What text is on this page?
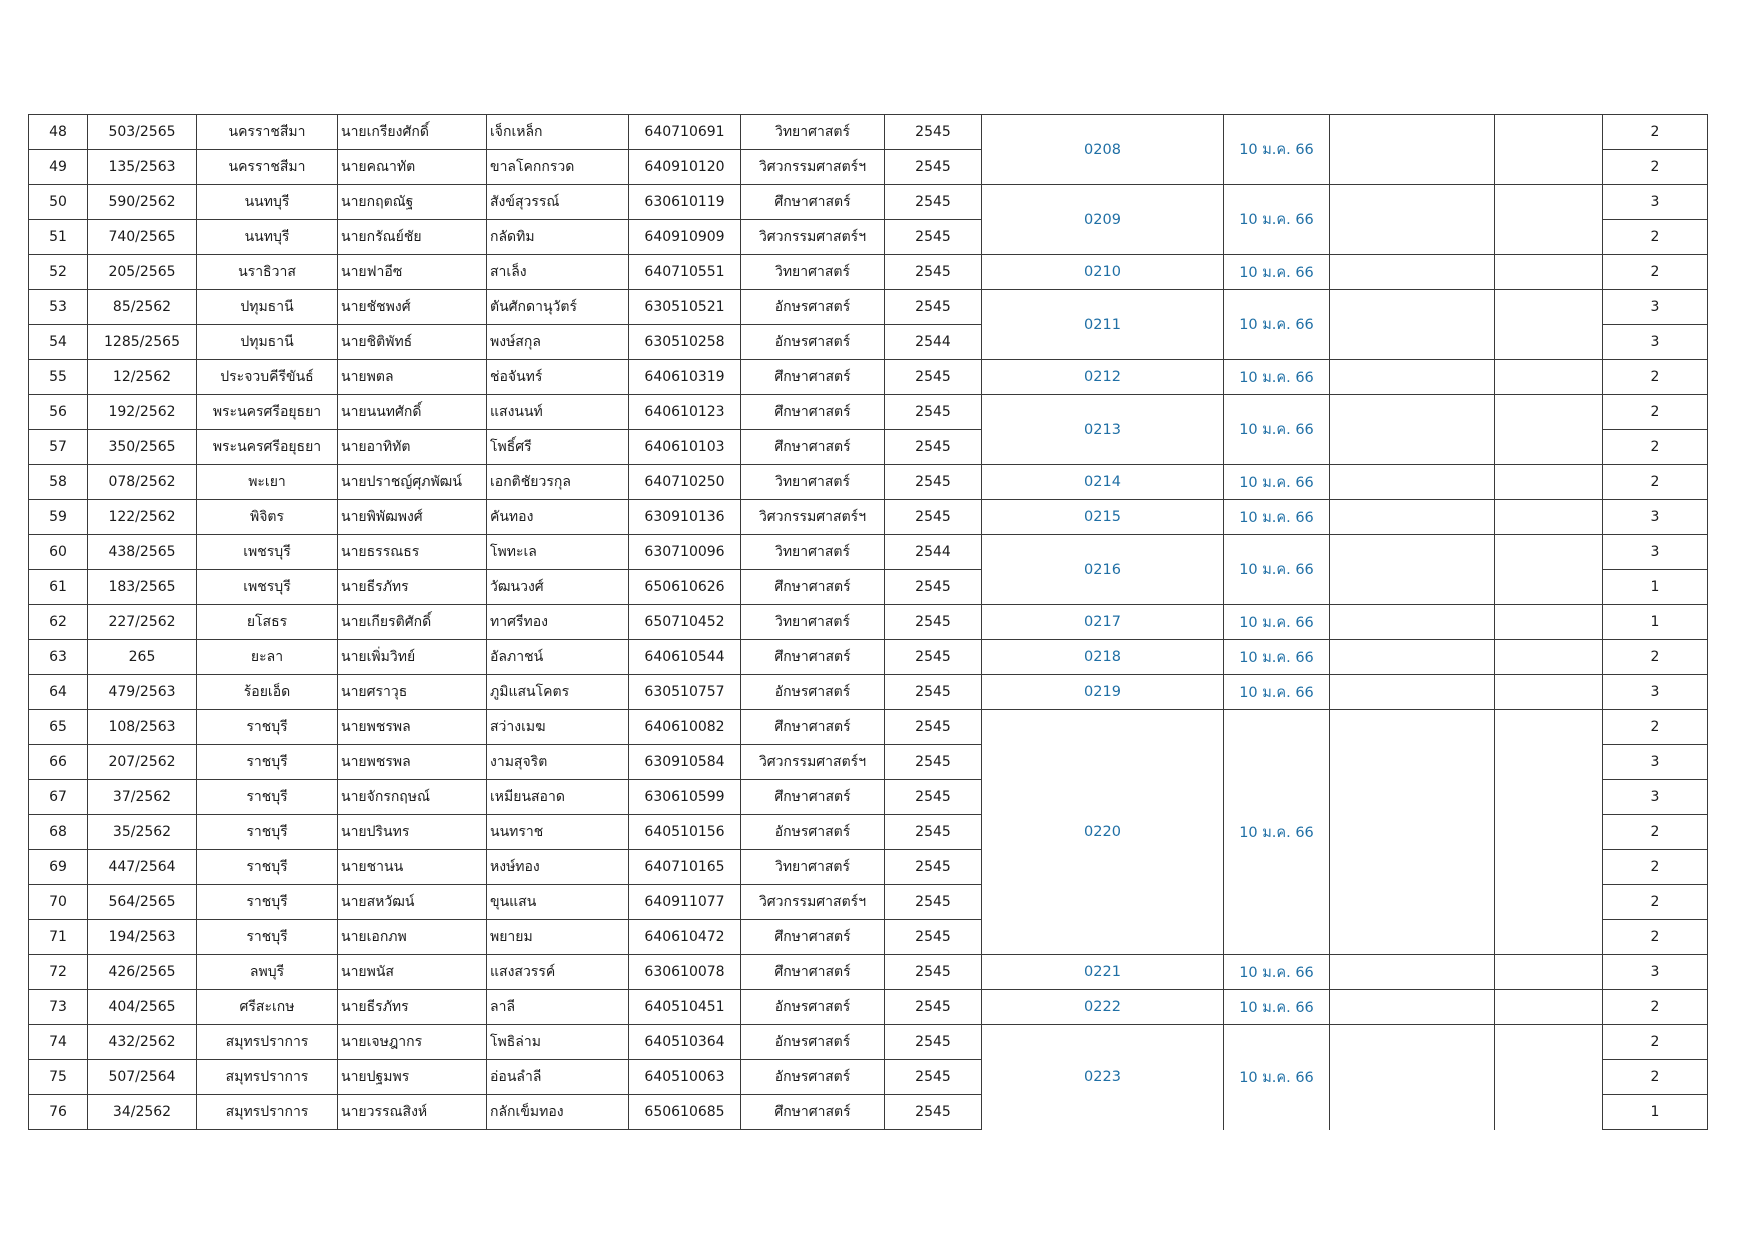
48	503/2565	นครราชสีมา	นายเกรียงศักดิ์	เจ็กเหล็ก	640710691	วิทยาศาสตร์	2545	0208	10 ม.ค. 66			2
49	135/2563	นครราชสีมา	นายคณาทัต	ขาลโคกกรวด	640910120	วิศวกรรมศาสตร์ฯ	2545					2
50	590/2562	นนทบุรี	นายกฤตณัฐ	สังข์สุวรรณ์	630610119	ศึกษาศาสตร์	2545	0209	10 ม.ค. 66			3
51	740/2565	นนทบุรี	นายกรัณย์ชัย	กลัดทิม	640910909	วิศวกรรมศาสตร์ฯ	2545					2
52	205/2565	นราธิวาส	นายฟาอีซ	สาเล็ง	640710551	วิทยาศาสตร์	2545	0210	10 ม.ค. 66			2
53	85/2562	ปทุมธานี	นายชัชพงศ์	ตันศักดานุวัตร์	630510521	อักษรศาสตร์	2545	0211	10 ม.ค. 66			3
54	1285/2565	ปทุมธานี	นายชิติพัทธ์	พงษ์สกุล	630510258	อักษรศาสตร์	2544					3
55	12/2562	ประจวบคีรีขันธ์	นายพตล	ช่อจันทร์	640610319	ศึกษาศาสตร์	2545	0212	10 ม.ค. 66			2
56	192/2562	พระนครศรีอยุธยา	นายนนทศักดิ์	แสงนนท์	640610123	ศึกษาศาสตร์	2545	0213	10 ม.ค. 66			2
57	350/2565	พระนครศรีอยุธยา	นายอาทิทัต	โพธิ์ศรี	640610103	ศึกษาศาสตร์	2545					2
58	078/2562	พะเยา	นายปราชญ์ศุภพัฒน์	เอกติชัยวรกุล	640710250	วิทยาศาสตร์	2545	0214	10 ม.ค. 66			2
59	122/2562	พิจิตร	นายพิพัฒพงศ์	คันทอง	630910136	วิศวกรรมศาสตร์ฯ	2545	0215	10 ม.ค. 66			3
60	438/2565	เพชรบุรี	นายธรรณธร	โพทะเล	630710096	วิทยาศาสตร์	2544	0216	10 ม.ค. 66			3
61	183/2565	เพชรบุรี	นายธีรภัทร	วัฒนวงศ์	650610626	ศึกษาศาสตร์	2545					1
62	227/2562	ยโสธร	นายเกียรติศักดิ์	ทาศรีทอง	650710452	วิทยาศาสตร์	2545	0217	10 ม.ค. 66			1
63	265	ยะลา	นายเพิ่มวิทย์	อัลภาชน์	640610544	ศึกษาศาสตร์	2545	0218	10 ม.ค. 66			2
64	479/2563	ร้อยเอ็ด	นายศราวุธ	ภูมิแสนโคตร	630510757	อักษรศาสตร์	2545	0219	10 ม.ค. 66			3
65	108/2563	ราชบุรี	นายพชรพล	สว่างเมฆ	640610082	ศึกษาศาสตร์	2545	0220	10 ม.ค. 66			2
66	207/2562	ราชบุรี	นายพชรพล	งามสุจริต	630910584	วิศวกรรมศาสตร์ฯ	2545					3
67	37/2562	ราชบุรี	นายจักรกฤษณ์	เหมียนสอาด	630610599	ศึกษาศาสตร์	2545					3
68	35/2562	ราชบุรี	นายปรินทร	นนทราช	640510156	อักษรศาสตร์	2545					2
69	447/2564	ราชบุรี	นายชานน	หงษ์ทอง	640710165	วิทยาศาสตร์	2545					2
70	564/2565	ราชบุรี	นายสหวัฒน์	ขุนแสน	640911077	วิศวกรรมศาสตร์ฯ	2545					2
71	194/2563	ราชบุรี	นายเอกภพ	พยายม	640610472	ศึกษาศาสตร์	2545					2
72	426/2565	ลพบุรี	นายพนัส	แสงสวรรค์	630610078	ศึกษาศาสตร์	2545	0221	10 ม.ค. 66			3
73	404/2565	ศรีสะเกษ	นายธีรภัทร	ลาลี	640510451	อักษรศาสตร์	2545	0222	10 ม.ค. 66			2
74	432/2562	สมุทรปราการ	นายเจษฎากร	โพธิล่าม	640510364	อักษรศาสตร์	2545	0223	10 ม.ค. 66			2
75	507/2564	สมุทรปราการ	นายปฐมพร	อ่อนลำลี	640510063	อักษรศาสตร์	2545					2
76	34/2562	สมุทรปราการ	นายวรรณสิงห์	กลักเข็มทอง	650610685	ศึกษาศาสตร์	2545					1
